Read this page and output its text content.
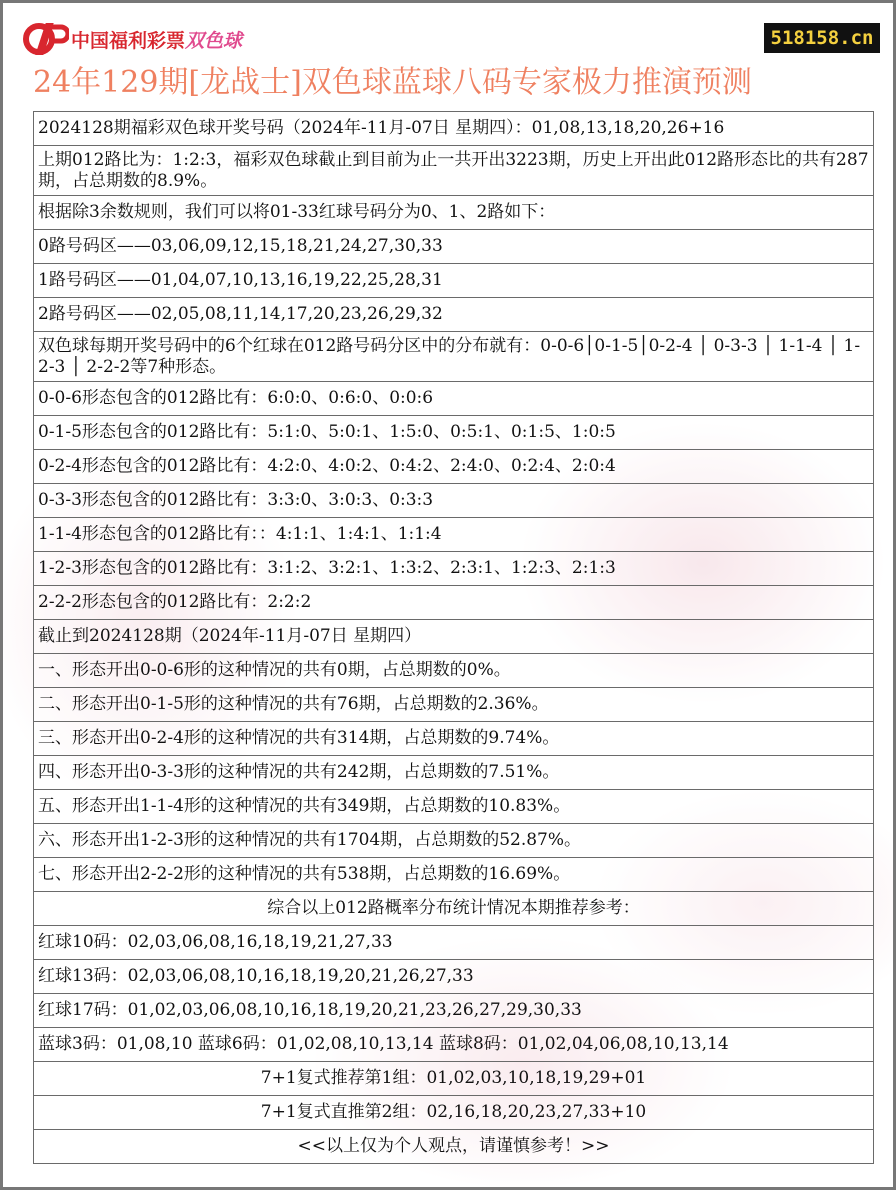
中国福利彩票双色球	518158.cn
24年129期[龙战士]双色球蓝球八码专家极力推演预测
2024128期福彩双色球开奖号码（2024年-11月-07日 星期四）：01,08,13,18,20,26+16
上期012路比为：1:2:3，福彩双色球截止到目前为止一共开出3223期，历史上开出此012路形态比的共有287期，占总期数的8.9%。
根据除3余数规则，我们可以将01-33红球号码分为0、1、2路如下：
0路号码区——03,06,09,12,15,18,21,24,27,30,33
1路号码区——01,04,07,10,13,16,19,22,25,28,31
2路号码区——02,05,08,11,14,17,20,23,26,29,32
双色球每期开奖号码中的6个红球在012路号码分区中的分布就有：0-0-6│0-1-5│0-2-4 │ 0-3-3 │ 1-1-4 │ 1-2-3 │ 2-2-2等7种形态。
0-0-6形态包含的012路比有：6:0:0、0:6:0、0:0:6
0-1-5形态包含的012路比有：5:1:0、5:0:1、1:5:0、0:5:1、0:1:5、1:0:5
0-2-4形态包含的012路比有：4:2:0、4:0:2、0:4:2、2:4:0、0:2:4、2:0:4
0-3-3形态包含的012路比有：3:3:0、3:0:3、0:3:3
1-1-4形态包含的012路比有：：4:1:1、1:4:1、1:1:4
1-2-3形态包含的012路比有：3:1:2、3:2:1、1:3:2、2:3:1、1:2:3、2:1:3
2-2-2形态包含的012路比有：2:2:2
截止到2024128期（2024年-11月-07日 星期四）
一、形态开出0-0-6形的这种情况的共有0期，占总期数的0%。
二、形态开出0-1-5形的这种情况的共有76期，占总期数的2.36%。
三、形态开出0-2-4形的这种情况的共有314期，占总期数的9.74%。
四、形态开出0-3-3形的这种情况的共有242期，占总期数的7.51%。
五、形态开出1-1-4形的这种情况的共有349期，占总期数的10.83%。
六、形态开出1-2-3形的这种情况的共有1704期，占总期数的52.87%。
七、形态开出2-2-2形的这种情况的共有538期，占总期数的16.69%。
综合以上012路概率分布统计情况本期推荐参考：
红球10码：02,03,06,08,16,18,19,21,27,33
红球13码：02,03,06,08,10,16,18,19,20,21,26,27,33
红球17码：01,02,03,06,08,10,16,18,19,20,21,23,26,27,29,30,33
蓝球3码：01,08,10 蓝球6码：01,02,08,10,13,14 蓝球8码：01,02,04,06,08,10,13,14
7+1复式推荐第1组：01,02,03,10,18,19,29+01
7+1复式直推第2组：02,16,18,20,23,27,33+10
<<以上仅为个人观点，请谨慎参考！>>
